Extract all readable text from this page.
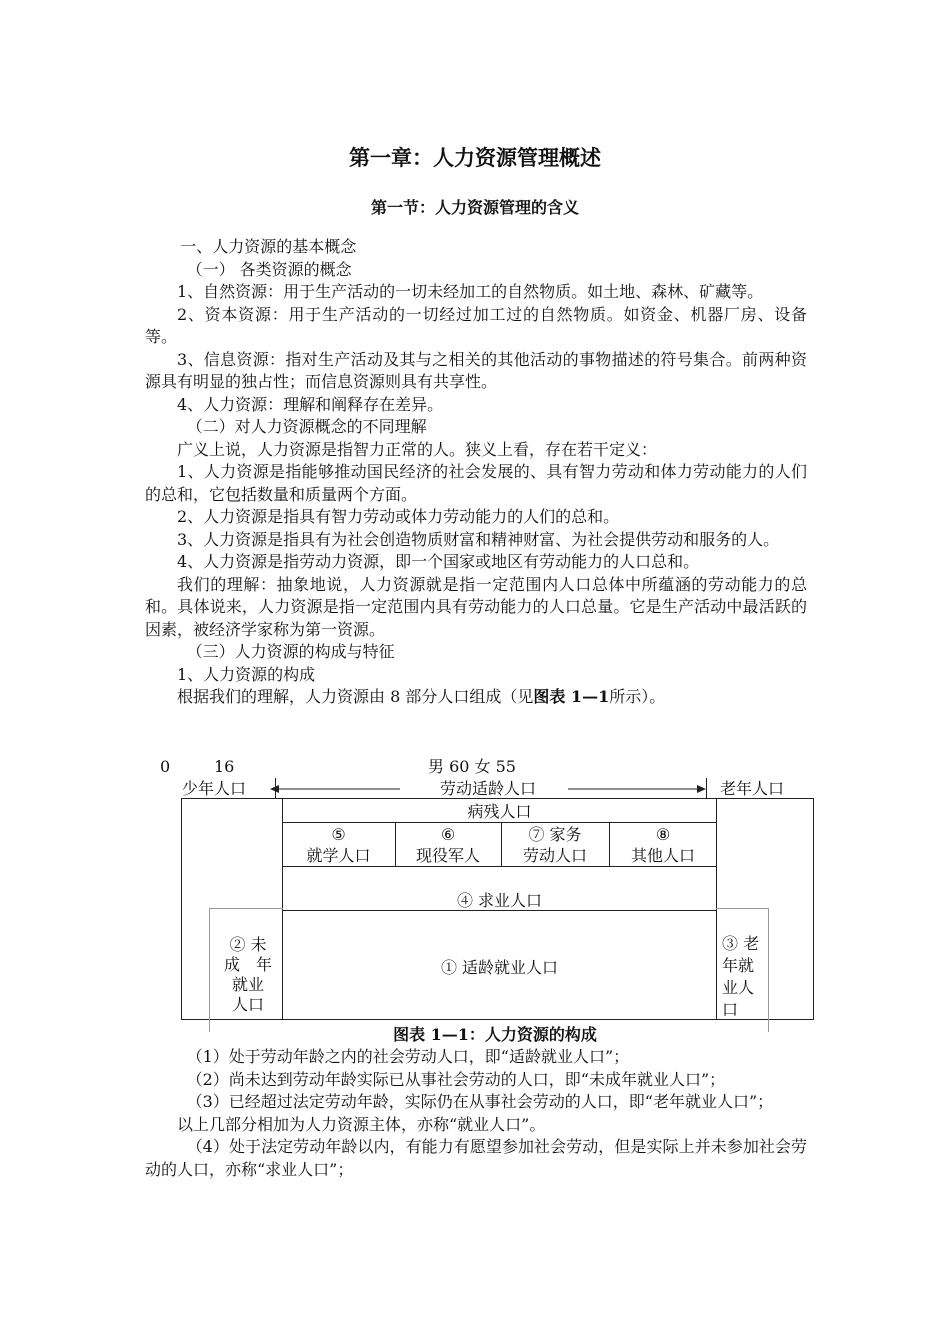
第一章：人力资源管理概述
第一节：人力资源管理的含义

一、人力资源的基本概念

（一） 各类资源的概念

1、自然资源：用于生产活动的一切未经加工的自然物质。如土地、森林、矿藏等。

2、资本资源：用于生产活动的一切经过加工过的自然物质。如资金、机器厂房、设备等。

3、信息资源：指对生产活动及其与之相关的其他活动的事物描述的符号集合。前两种资源具有明显的独占性；而信息资源则具有共享性。

4、人力资源：理解和阐释存在差异。

（二）对人力资源概念的不同理解

广义上说，人力资源是指智力正常的人。狭义上看，存在若干定义：

1、人力资源是指能够推动国民经济的社会发展的、具有智力劳动和体力劳动能力的人们的总和，它包括数量和质量两个方面。

2、人力资源是指具有智力劳动或体力劳动能力的人们的总和。

3、人力资源是指具有为社会创造物质财富和精神财富、为社会提供劳动和服务的人。

4、人力资源是指劳动力资源，即一个国家或地区有劳动能力的人口总和。

我们的理解：抽象地说，人力资源就是指一定范围内人口总体中所蕴涵的劳动能力的总和。具体说来，人力资源是指一定范围内具有劳动能力的人口总量。它是生产活动中最活跃的因素，被经济学家称为第一资源。

（三）人力资源的构成与特征

1、人力资源的构成

根据我们的理解，人力资源由 8 部分人口组成（见图表 1—1所示）。

0	16	男 60 女 55
少年人口	劳动适龄人口	老年人口
病残人口
⑤
就学人口
⑥
现役军人
⑦ 家务
劳动人口
⑧
其他人口
④ 求业人口
② 未
成　年
就业
人口
① 适龄就业人口
③ 老
年就
业人
口
图表 1—1：人力资源的构成

（1）处于劳动年龄之内的社会劳动人口，即“适龄就业人口”；

（2）尚未达到劳动年龄实际已从事社会劳动的人口，即“未成年就业人口”；

（3）已经超过法定劳动年龄，实际仍在从事社会劳动的人口，即“老年就业人口”；

以上几部分相加为人力资源主体，亦称“就业人口”。

（4）处于法定劳动年龄以内，有能力有愿望参加社会劳动，但是实际上并未参加社会劳动的人口，亦称“求业人口”；
